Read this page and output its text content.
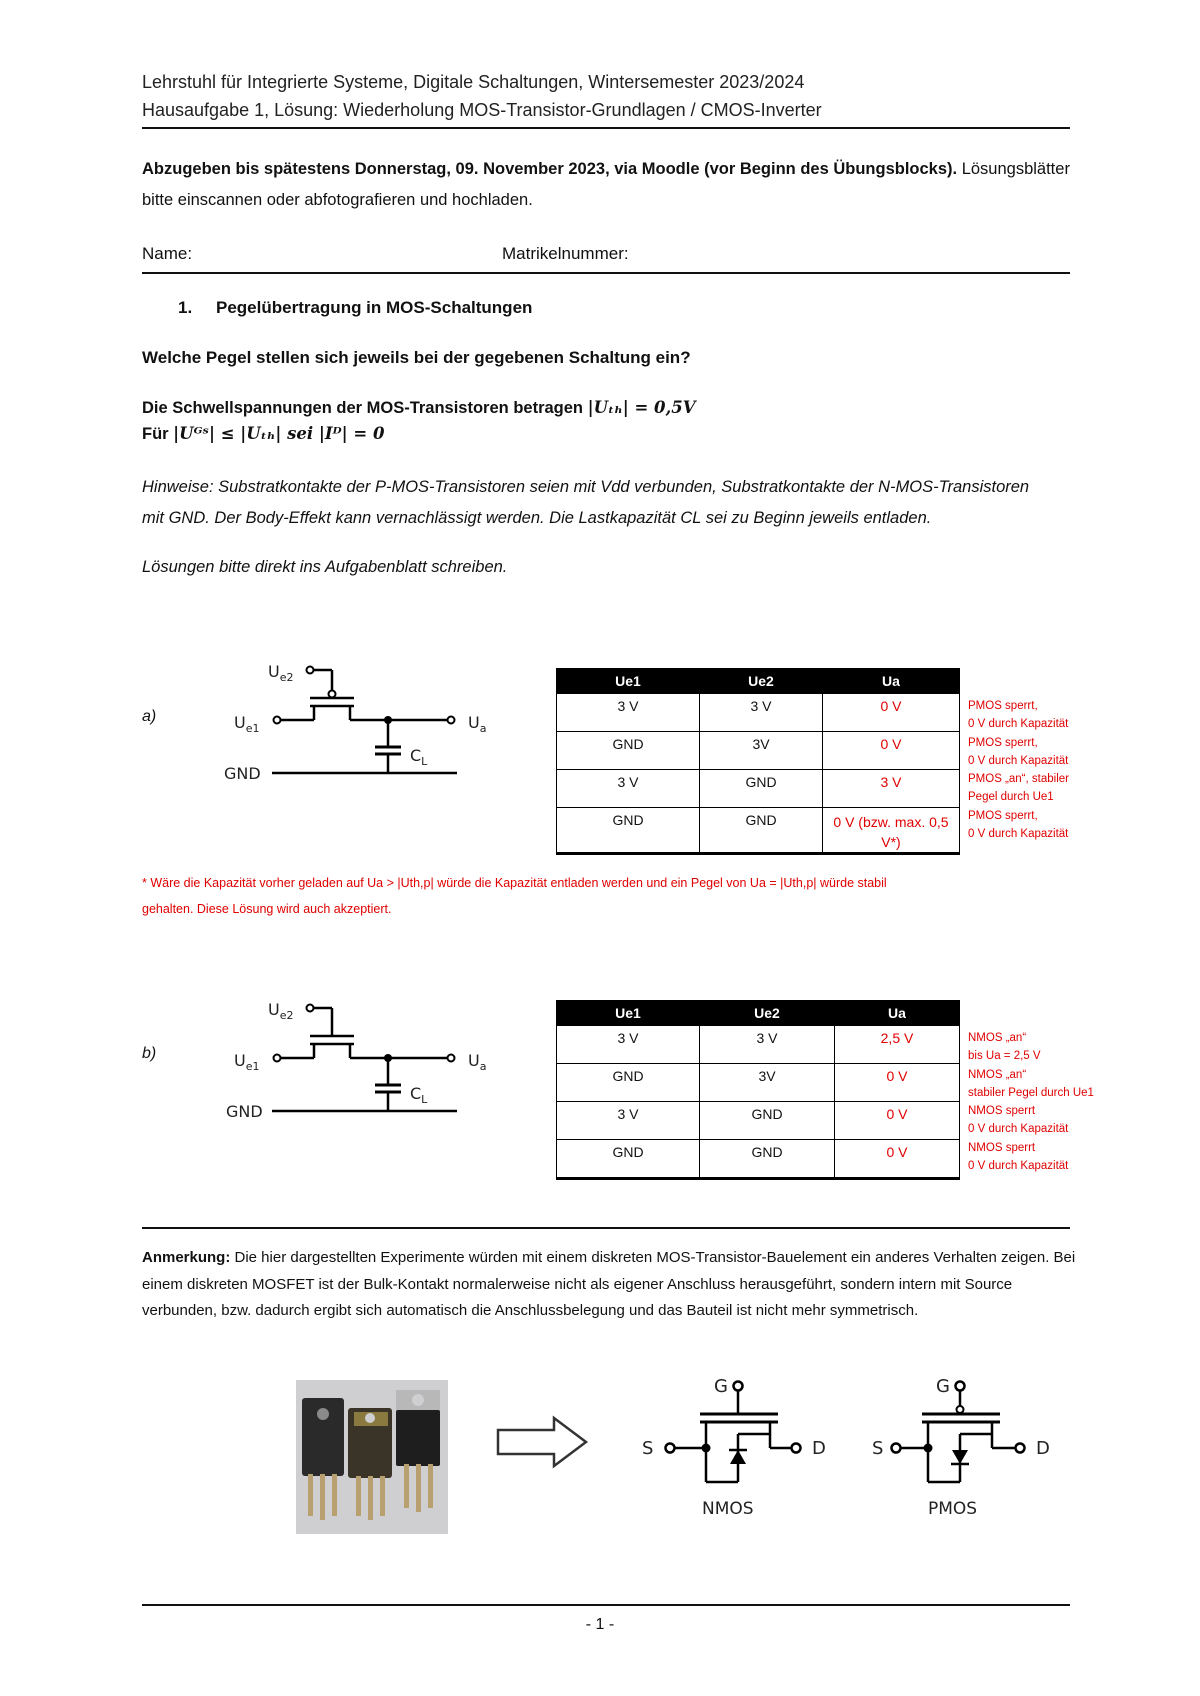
Lehrstuhl für Integrierte Systeme, Digitale Schaltungen, Wintersemester 2023/2024
Hausaufgabe 1, Lösung: Wiederholung MOS-Transistor-Grundlagen / CMOS-Inverter
Abzugeben bis spätestens Donnerstag, 09. November 2023, via Moodle (vor Beginn des Übungsblocks). Lösungsblätter bitte einscannen oder abfotografieren und hochladen.
Name:	Matrikelnummer:
1. Pegelübertragung in MOS-Schaltungen
Welche Pegel stellen sich jeweils bei der gegebenen Schaltung ein?
Die Schwellspannungen der MOS-Transistoren betragen |Uₜₕ| = 0,5V
Für |Uᴳˢ| ≤ |Uₜₕ| sei |Iᴰ| = 0
Hinweise: Substratkontakte der P-MOS-Transistoren seien mit Vdd verbunden, Substratkontakte der N-MOS-Transistoren mit GND. Der Body-Effekt kann vernachlässigt werden. Die Lastkapazität CL sei zu Beginn jeweils entladen.
Lösungen bitte direkt ins Aufgabenblatt schreiben.
a)
$U_{e2}$
$U_{e1}$	$U_a$
$C_L$
GND
Ue1	Ue2	Ua
3 V	3 V	0 V
GND	3V	0 V
3 V	GND	3 V
GND	GND	0 V (bzw. max. 0,5 V*)
PMOS sperrt,
0 V durch Kapazität
PMOS sperrt,
0 V durch Kapazität
PMOS „an“, stabiler
Pegel durch Ue1
PMOS sperrt,
0 V durch Kapazität
* Wäre die Kapazität vorher geladen auf Ua > |Uth,p| würde die Kapazität entladen werden und ein Pegel von Ua = |Uth,p| würde stabil
gehalten. Diese Lösung wird auch akzeptiert.
b)
$U_{e2}$
$U_{e1}$	$U_a$
$C_L$
GND
Ue1	Ue2	Ua
3 V	3 V	2,5 V
GND	3V	0 V
3 V	GND	0 V
GND	GND	0 V
NMOS „an“
bis Ua = 2,5 V
NMOS „an“
stabiler Pegel durch Ue1
NMOS sperrt
0 V durch Kapazität
NMOS sperrt
0 V durch Kapazität
Anmerkung: Die hier dargestellten Experimente würden mit einem diskreten MOS-Transistor-Bauelement ein anderes Verhalten zeigen. Bei einem diskreten MOSFET ist der Bulk-Kontakt normalerweise nicht als eigener Anschluss herausgeführt, sondern intern mit Source verbunden, bzw. dadurch ergibt sich automatisch die Anschlussbelegung und das Bauteil ist nicht mehr symmetrisch.
G
S	D
NMOS
G
S	D
PMOS
- 1 -
